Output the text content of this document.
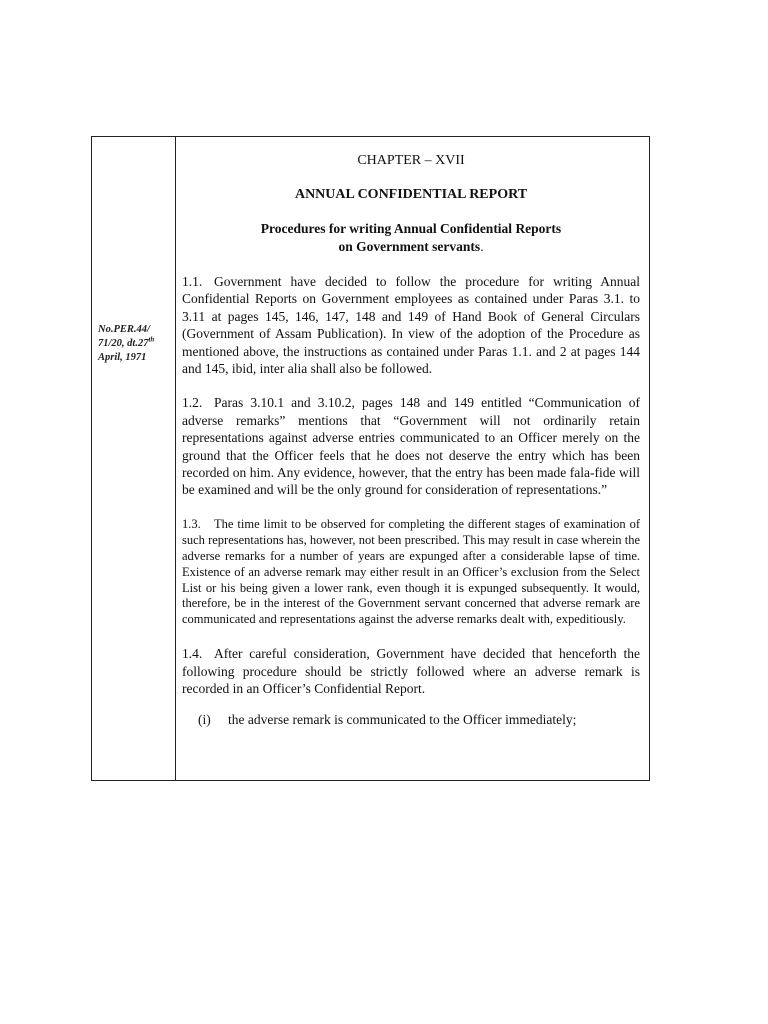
No.PER.44/
71/20, dt.27th
April, 1971
CHAPTER – XVII
ANNUAL CONFIDENTIAL REPORT
Procedures for writing Annual Confidential Reports
on Government servants.
1.1. Government have decided to follow the procedure for writing Annual Confidential Reports on Government employees as contained under Paras 3.1. to 3.11 at pages 145, 146, 147, 148 and 149 of Hand Book of General Circulars (Government of Assam Publication). In view of the adoption of the Procedure as mentioned above, the instructions as contained under Paras 1.1. and 2 at pages 144 and 145, ibid, inter alia shall also be followed.
1.2. Paras 3.10.1 and 3.10.2, pages 148 and 149 entitled “Communication of adverse remarks” mentions that “Government will not ordinarily retain representations against adverse entries communicated to an Officer merely on the ground that the Officer feels that he does not deserve the entry which has been recorded on him. Any evidence, however, that the entry has been made fala-fide will be examined and will be the only ground for consideration of representations.”
1.3. The time limit to be observed for completing the different stages of examination of such representations has, however, not been prescribed. This may result in case wherein the adverse remarks for a number of years are expunged after a considerable lapse of time. Existence of an adverse remark may either result in an Officer’s exclusion from the Select List or his being given a lower rank, even though it is expunged subsequently. It would, therefore, be in the interest of the Government servant concerned that adverse remark are communicated and representations against the adverse remarks dealt with, expeditiously.
1.4. After careful consideration, Government have decided that henceforth the following procedure should be strictly followed where an adverse remark is recorded in an Officer’s Confidential Report.
(i) the adverse remark is communicated to the Officer immediately;
